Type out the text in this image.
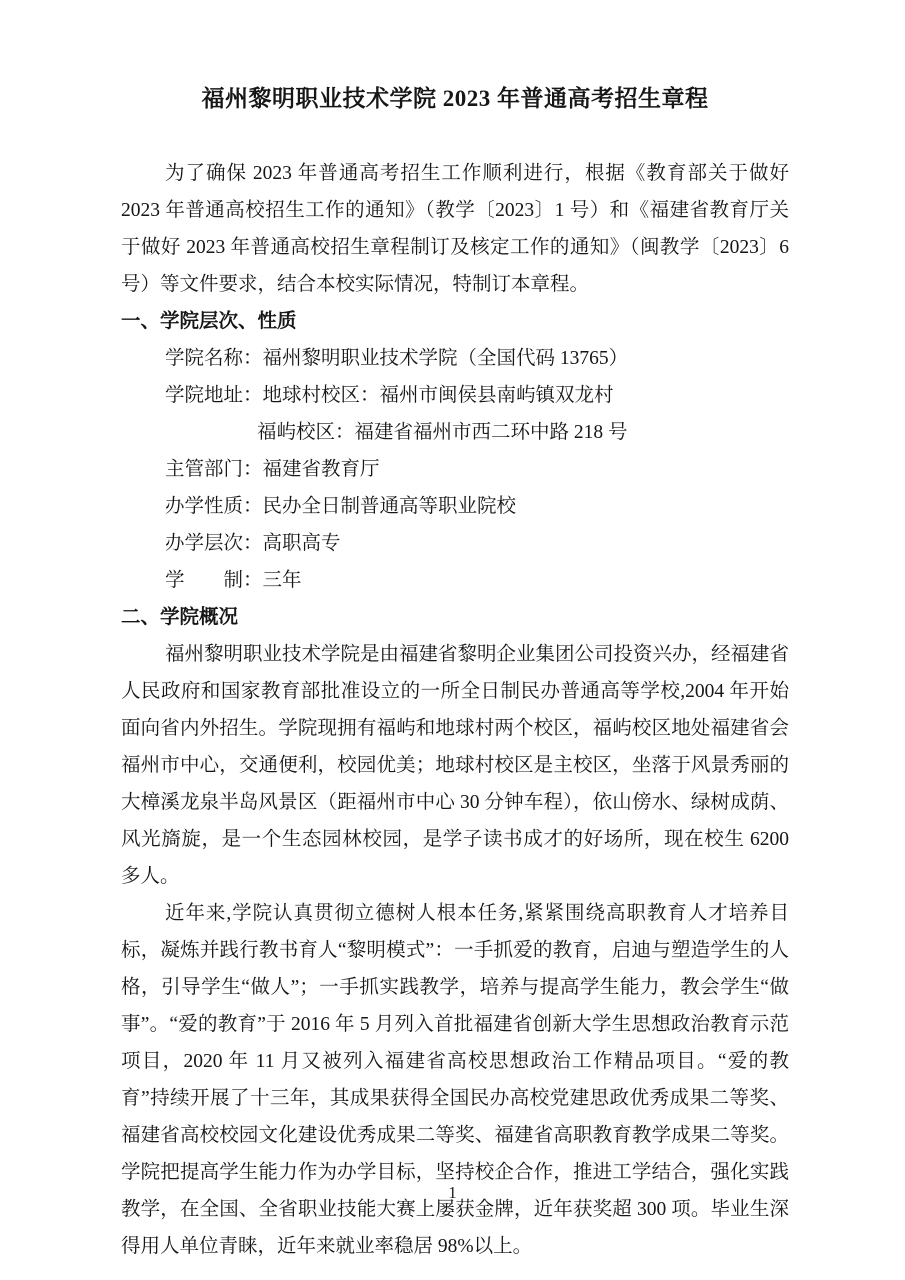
福州黎明职业技术学院 2023 年普通高考招生章程

为了确保 2023 年普通高考招生工作顺利进行，根据《教育部关于做好 2023 年普通高校招生工作的通知》（教学〔2023〕1 号）和《福建省教育厅关于做好 2023 年普通高校招生章程制订及核定工作的通知》（闽教学〔2023〕6 号）等文件要求，结合本校实际情况，特制订本章程。

一、学院层次、性质
学院名称：福州黎明职业技术学院（全国代码 13765）
学院地址：地球村校区：福州市闽侯县南屿镇双龙村
福屿校区：福建省福州市西二环中路 218 号
主管部门：福建省教育厅
办学性质：民办全日制普通高等职业院校
办学层次：高职高专
学　　制：三年
二、学院概况

福州黎明职业技术学院是由福建省黎明企业集团公司投资兴办，经福建省人民政府和国家教育部批准设立的一所全日制民办普通高等学校,2004 年开始面向省内外招生。学院现拥有福屿和地球村两个校区，福屿校区地处福建省会福州市中心，交通便利，校园优美；地球村校区是主校区，坐落于风景秀丽的大樟溪龙泉半岛风景区（距福州市中心 30 分钟车程），依山傍水、绿树成荫、风光旖旋，是一个生态园林校园，是学子读书成才的好场所，现在校生 6200 多人。

近年来,学院认真贯彻立德树人根本任务,紧紧围绕高职教育人才培养目标，凝炼并践行教书育人“黎明模式”：一手抓爱的教育，启迪与塑造学生的人格，引导学生“做人”；一手抓实践教学，培养与提高学生能力，教会学生“做事”。“爱的教育”于 2016 年 5 月列入首批福建省创新大学生思想政治教育示范项目，2020 年 11 月又被列入福建省高校思想政治工作精品项目。“爱的教育”持续开展了十三年，其成果获得全国民办高校党建思政优秀成果二等奖、福建省高校校园文化建设优秀成果二等奖、福建省高职教育教学成果二等奖。学院把提高学生能力作为办学目标，坚持校企合作，推进工学结合，强化实践教学，在全国、全省职业技能大赛上屡获金牌，近年获奖超 300 项。毕业生深得用人单位青睐，近年来就业率稳居 98%以上。

1
